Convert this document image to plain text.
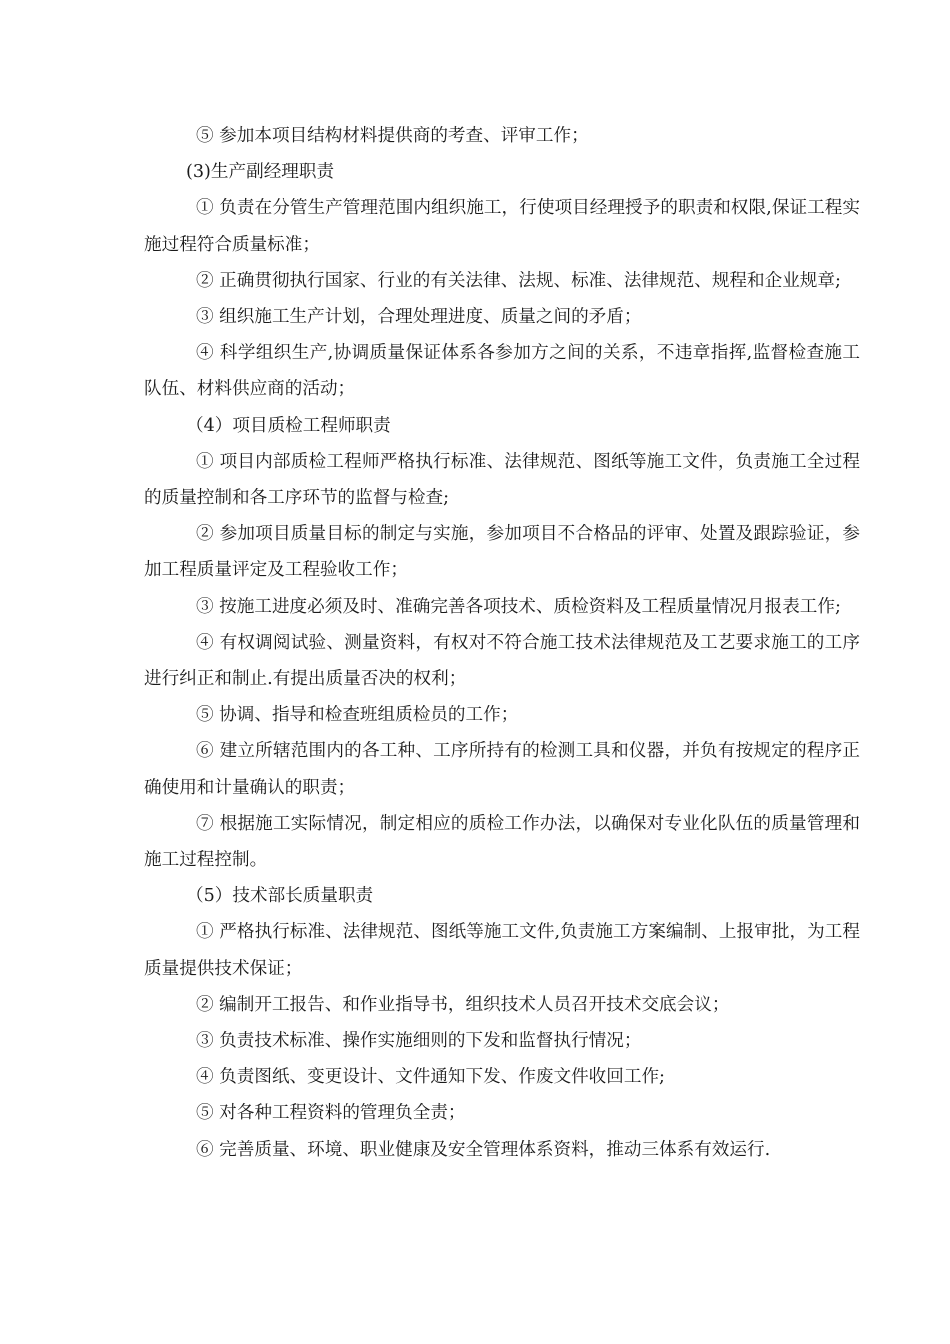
⑤ 参加本项目结构材料提供商的考查、评审工作；

(3)生产副经理职责

① 负责在分管生产管理范围内组织施工，行使项目经理授予的职责和权限,保证工程实施过程符合质量标准；

② 正确贯彻执行国家、行业的有关法律、法规、标准、法律规范、规程和企业规章;

③ 组织施工生产计划，合理处理进度、质量之间的矛盾；

④ 科学组织生产,协调质量保证体系各参加方之间的关系，不违章指挥,监督检查施工队伍、材料供应商的活动；

（4）项目质检工程师职责

① 项目内部质检工程师严格执行标准、法律规范、图纸等施工文件，负责施工全过程的质量控制和各工序环节的监督与检查;

② 参加项目质量目标的制定与实施，参加项目不合格品的评审、处置及跟踪验证，参加工程质量评定及工程验收工作；

③ 按施工进度必须及时、准确完善各项技术、质检资料及工程质量情况月报表工作;

④ 有权调阅试验、测量资料，有权对不符合施工技术法律规范及工艺要求施工的工序进行纠正和制止.有提出质量否决的权利；

⑤ 协调、指导和检查班组质检员的工作；

⑥ 建立所辖范围内的各工种、工序所持有的检测工具和仪器，并负有按规定的程序正确使用和计量确认的职责；

⑦ 根据施工实际情况，制定相应的质检工作办法，以确保对专业化队伍的质量管理和施工过程控制。

（5）技术部长质量职责

① 严格执行标准、法律规范、图纸等施工文件,负责施工方案编制、上报审批，为工程质量提供技术保证；

② 编制开工报告、和作业指导书，组织技术人员召开技术交底会议；

③ 负责技术标准、操作实施细则的下发和监督执行情况；

④ 负责图纸、变更设计、文件通知下发、作废文件收回工作;

⑤ 对各种工程资料的管理负全责；

⑥ 完善质量、环境、职业健康及安全管理体系资料，推动三体系有效运行.
